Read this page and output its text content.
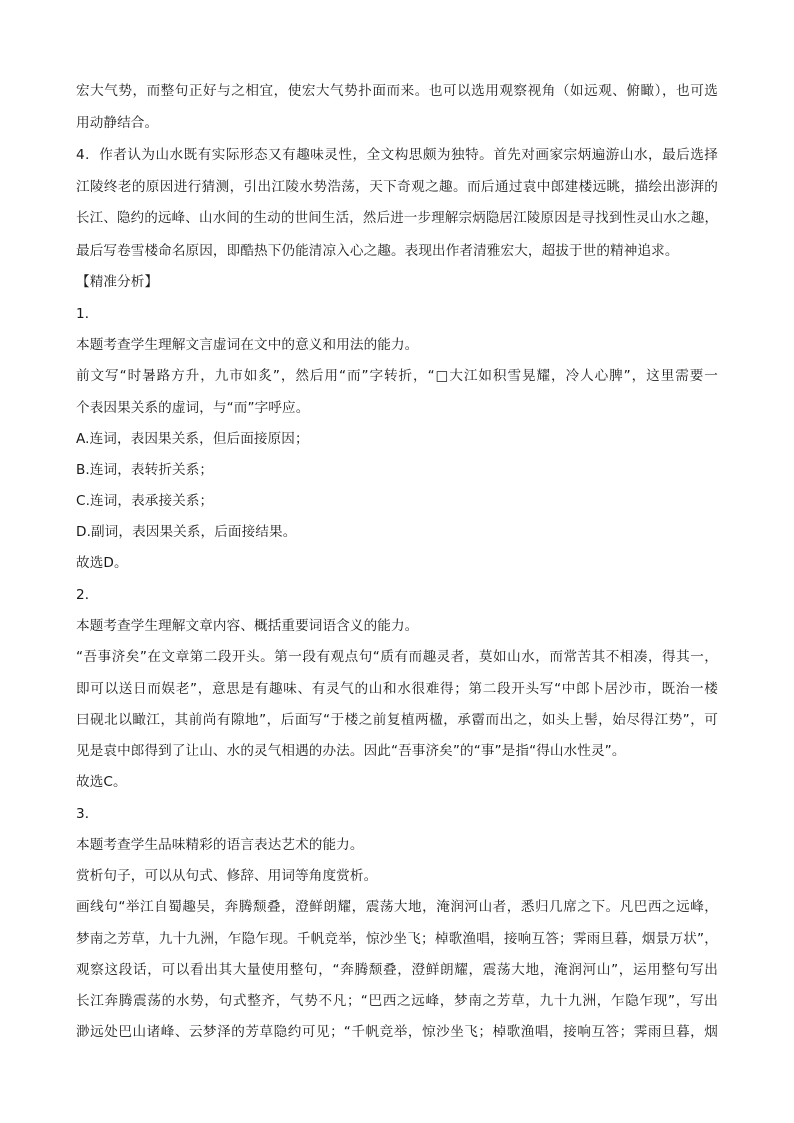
宏大气势，而整句正好与之相宜，使宏大气势扑面而来。也可以选用观察视角（如远观、俯瞰），也可选
用动静结合。
4．作者认为山水既有实际形态又有趣味灵性，全文构思颇为独特。首先对画家宗炳遍游山水，最后选择
江陵终老的原因进行猜测，引出江陵水势浩荡，天下奇观之趣。而后通过袁中郎建楼远眺，描绘出澎湃的
长江、隐约的远峰、山水间的生动的世间生活，然后进一步理解宗炳隐居江陵原因是寻找到性灵山水之趣，
最后写卷雪楼命名原因，即酷热下仍能清凉入心之趣。表现出作者清雅宏大，超拔于世的精神追求。
【精准分析】
1．
本题考查学生理解文言虚词在文中的意义和用法的能力。
前文写“时暑路方升，九市如炙”，然后用“而”字转折，“□大江如积雪晃耀，冷人心脾”，这里需要一
个表因果关系的虚词，与“而”字呼应。
A.连词，表因果关系，但后面接原因；
B.连词，表转折关系；
C.连词，表承接关系；
D.副词，表因果关系，后面接结果。
故选D。
2．
本题考查学生理解文章内容、概括重要词语含义的能力。
“吾事济矣”在文章第二段开头。第一段有观点句“质有而趣灵者，莫如山水，而常苦其不相凑，得其一，
即可以送日而娱老”，意思是有趣味、有灵气的山和水很难得；第二段开头写“中郎卜居沙市，既治一楼
曰砚北以瞰江，其前尚有隙地”，后面写“于楼之前复植两楹，承霤而出之，如头上髻，始尽得江势”，可
见是袁中郎得到了让山、水的灵气相遇的办法。因此“吾事济矣”的“事”是指“得山水性灵”。
故选C。
3．
本题考查学生品味精彩的语言表达艺术的能力。
赏析句子，可以从句式、修辞、用词等角度赏析。
画线句“举江自蜀趣吴，奔腾颓叠，澄鲜朗耀，震荡大地，淹润河山者，悉归几席之下。凡巴西之远峰，
梦南之芳草，九十九洲，乍隐乍现。千帆竞举，惊沙坐飞；棹歌渔唱，接响互答；霁雨旦暮，烟景万状”，
观察这段话，可以看出其大量使用整句，“奔腾颓叠，澄鲜朗耀，震荡大地，淹润河山”，运用整句写出
长江奔腾震荡的水势，句式整齐，气势不凡；“巴西之远峰，梦南之芳草，九十九洲，乍隐乍现”，写出
渺远处巴山诸峰、云梦泽的芳草隐约可见；“千帆竞举，惊沙坐飞；棹歌渔唱，接响互答；霁雨旦暮，烟
